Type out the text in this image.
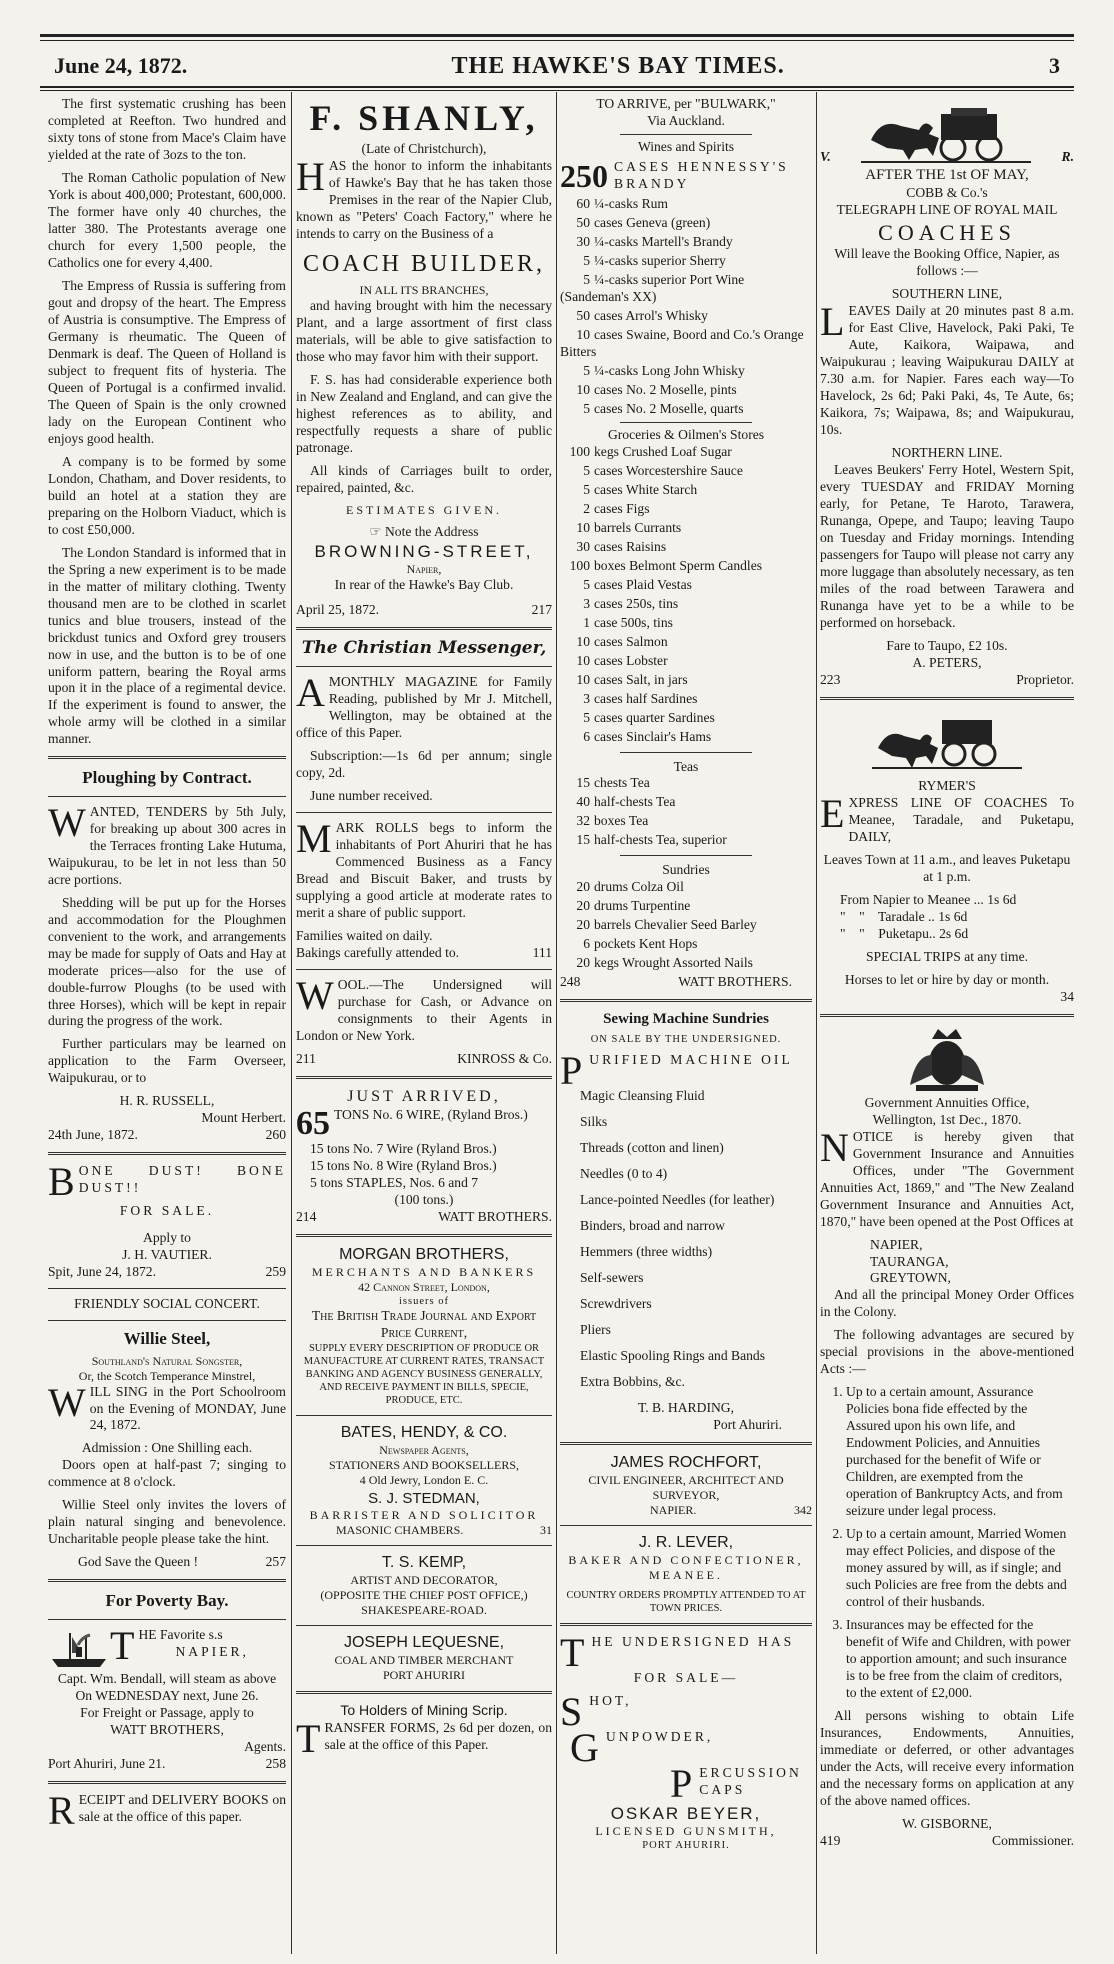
June 24, 1872.	THE HAWKE'S BAY TIMES.	3

The first systematic crushing has been completed at Reefton. Two hundred and sixty tons of stone from Mace's Claim have yielded at the rate of 3ozs to the ton.

The Roman Catholic population of New York is about 400,000; Protestant, 600,000. The former have only 40 churches, the latter 380. The Protestants average one church for every 1,500 people, the Catholics one for every 4,400.

The Empress of Russia is suffering from gout and dropsy of the heart. The Empress of Austria is consumptive. The Empress of Germany is rheumatic. The Queen of Denmark is deaf. The Queen of Holland is subject to frequent fits of hysteria. The Queen of Portugal is a confirmed invalid. The Queen of Spain is the only crowned lady on the European Continent who enjoys good health.

A company is to be formed by some London, Chatham, and Dover residents, to build an hotel at a station they are preparing on the Holborn Viaduct, which is to cost £50,000.

The London Standard is informed that in the Spring a new experiment is to be made in the matter of military clothing. Twenty thousand men are to be clothed in scarlet tunics and blue trousers, instead of the brickdust tunics and Oxford grey trousers now in use, and the button is to be of one uniform pattern, bearing the Royal arms upon it in the place of a regimental device. If the experiment is found to answer, the whole army will be clothed in a similar manner.

Ploughing by Contract.

WANTED, TENDERS by 5th July, for breaking up about 300 acres in the Terraces fronting Lake Hutuma, Waipukurau, to be let in not less than 50 acre portions.

Shedding will be put up for the Horses and accommodation for the Ploughmen convenient to the work, and arrangements may be made for supply of Oats and Hay at moderate prices—also for the use of double-furrow Ploughs (to be used with three Horses), which will be kept in repair during the progress of the work.

Further particulars may be learned on application to the Farm Overseer, Waipukurau, or to

H. R. RUSSELL,
Mount Herbert.
24th June, 1872.	260

BONE DUST! BONE DUST!!

FOR SALE.
Apply to
J. H. VAUTIER.
Spit, June 24, 1872.	259
FRIENDLY SOCIAL CONCERT.
Willie Steel,
Southland's Natural Songster,
Or, the Scotch Temperance Minstrel,

WILL SING in the Port Schoolroom on the Evening of MONDAY, June 24, 1872.

Admission : One Shilling each.

Doors open at half-past 7; singing to commence at 8 o'clock.

Willie Steel only invites the lovers of plain natural singing and benevolence. Uncharitable people please take the hint.

God Save the Queen !	257
For Poverty Bay.
THE Favorite s.s
NAPIER,
Capt. Wm. Bendall, will steam as above
On WEDNESDAY next, June 26.
For Freight or Passage, apply to
WATT BROTHERS,
Agents.
Port Ahuriri, June 21.	258

RECEIPT and DELIVERY BOOKS on sale at the office of this paper.

F. SHANLY,
(Late of Christchurch),

HAS the honor to inform the inhabitants of Hawke's Bay that he has taken those Premises in the rear of the Napier Club, known as "Peters' Coach Factory," where he intends to carry on the Business of a

COACH BUILDER,
IN ALL ITS BRANCHES,

and having brought with him the necessary Plant, and a large assortment of first class materials, will be able to give satisfaction to those who may favor him with their support.

F. S. has had considerable experience both in New Zealand and England, and can give the highest references as to ability, and respectfully requests a share of public patronage.

All kinds of Carriages built to order, repaired, painted, &c.

ESTIMATES GIVEN.
☞ Note the Address
BROWNING-STREET,
Napier,
In rear of the Hawke's Bay Club.
April 25, 1872.	217
The Christian Messenger,

AMONTHLY MAGAZINE for Family Reading, published by Mr J. Mitchell, Wellington, may be obtained at the office of this Paper.

Subscription:—1s 6d per annum; single copy, 2d.

June number received.

MARK ROLLS begs to inform the inhabitants of Port Ahuriri that he has Commenced Business as a Fancy Bread and Biscuit Baker, and trusts by supplying a good article at moderate rates to merit a share of public support.

Families waited on daily.
Bakings carefully attended to.	111

WOOL.—The Undersigned will purchase for Cash, or Advance on consignments to their Agents in London or New York.

211	KINROSS & Co.
JUST ARRIVED,
65 TONS No. 6 WIRE, (Ryland Bros.)
15 tons No. 7 Wire (Ryland Bros.)
15 tons No. 8 Wire (Ryland Bros.)
5 tons STAPLES, Nos. 6 and 7
(100 tons.)
214	WATT BROTHERS.
MORGAN BROTHERS,
MERCHANTS AND BANKERS
42 Cannon Street, London,
issuers of
The British Trade Journal and Export Price Current,
SUPPLY EVERY DESCRIPTION OF PRODUCE OR MANUFACTURE AT CURRENT RATES, TRANSACT BANKING AND AGENCY BUSINESS GENERALLY, AND RECEIVE PAYMENT IN BILLS, SPECIE, PRODUCE, ETC.
BATES, HENDY, & CO.
Newspaper Agents,
STATIONERS AND BOOKSELLERS,
4 Old Jewry, London E. C.
S. J. STEDMAN,
BARRISTER AND SOLICITOR
MASONIC CHAMBERS.	31
T. S. KEMP,
ARTIST AND DECORATOR,
(OPPOSITE THE CHIEF POST OFFICE,)
SHAKESPEARE-ROAD.
JOSEPH LEQUESNE,
COAL AND TIMBER MERCHANT
PORT AHURIRI
To Holders of Mining Scrip.

TRANSFER FORMS, 2s 6d per dozen, on sale at the office of this Paper.

TO ARRIVE, per "BULWARK,"
Via Auckland.
Wines and Spirits
250 CASES HENNESSY'S BRANDY
60 ¼-casks Rum
50 cases Geneva (green)
30 ¼-casks Martell's Brandy
5 ¼-casks superior Sherry
5 ¼-casks superior Port Wine (Sandeman's XX)
50 cases Arrol's Whisky
10 cases Swaine, Boord and Co.'s Orange Bitters
5 ¼-casks Long John Whisky
10 cases No. 2 Moselle, pints
5 cases No. 2 Moselle, quarts
Groceries & Oilmen's Stores
100 kegs Crushed Loaf Sugar
5 cases Worcestershire Sauce
5 cases White Starch
2 cases Figs
10 barrels Currants
30 cases Raisins
100 boxes Belmont Sperm Candles
5 cases Plaid Vestas
3 cases 250s, tins
1 case 500s, tins
10 cases Salmon
10 cases Lobster
10 cases Salt, in jars
3 cases half Sardines
5 cases quarter Sardines
6 cases Sinclair's Hams
Teas
15 chests Tea
40 half-chests Tea
32 boxes Tea
15 half-chests Tea, superior
Sundries
20 drums Colza Oil
20 drums Turpentine
20 barrels Chevalier Seed Barley
6 pockets Kent Hops
20 kegs Wrought Assorted Nails
248	WATT BROTHERS.
Sewing Machine Sundries
ON SALE BY THE UNDERSIGNED.
PURIFIED MACHINE OIL
Magic Cleansing Fluid
Silks
Threads (cotton and linen)
Needles (0 to 4)
Lance-pointed Needles (for leather)
Binders, broad and narrow
Hemmers (three widths)
Self-sewers
Screwdrivers
Pliers
Elastic Spooling Rings and Bands
Extra Bobbins, &c.
T. B. HARDING,
Port Ahuriri.
JAMES ROCHFORT,
CIVIL ENGINEER, ARCHITECT AND SURVEYOR,
NAPIER.	342
J. R. LEVER,
BAKER AND CONFECTIONER,
MEANEE.
COUNTRY ORDERS PROMPTLY ATTENDED TO AT TOWN PRICES.
THE UNDERSIGNED HAS
FOR SALE—
SHOT,
GUNPOWDER,
PERCUSSION CAPS
OSKAR BEYER,
LICENSED GUNSMITH,
PORT AHURIRI.
V.	R.
AFTER THE 1st OF MAY,
COBB & Co.'s
TELEGRAPH LINE OF ROYAL MAIL
COACHES
Will leave the Booking Office, Napier, as follows :—
SOUTHERN LINE,

LEAVES Daily at 20 minutes past 8 a.m. for East Clive, Havelock, Paki Paki, Te Aute, Kaikora, Waipawa, and Waipukurau ; leaving Waipukurau DAILY at 7.30 a.m. for Napier. Fares each way—To Havelock, 2s 6d; Paki Paki, 4s, Te Aute, 6s; Kaikora, 7s; Waipawa, 8s; and Waipukurau, 10s.

NORTHERN LINE.

Leaves Beukers' Ferry Hotel, Western Spit, every TUESDAY and FRIDAY Morning early, for Petane, Te Haroto, Tarawera, Runanga, Opepe, and Taupo; leaving Taupo on Tuesday and Friday mornings. Intending passengers for Taupo will please not carry any more luggage than absolutely necessary, as ten miles of the road between Tarawera and Runanga have yet to be a while to be performed on horseback.

Fare to Taupo, £2 10s.
A. PETERS,
223	Proprietor.
RYMER'S

EXPRESS LINE OF COACHES To Meanee, Taradale, and Puketapu, DAILY,

Leaves Town at 11 a.m., and leaves Puketapu at 1 p.m.
From Napier to Meanee ... 1s 6d
"    "    Taradale .. 1s 6d
"    "    Puketapu.. 2s 6d
SPECIAL TRIPS at any time.
Horses to let or hire by day or month.
34
Government Annuities Office,
Wellington, 1st Dec., 1870.

NOTICE is hereby given that Government Insurance and Annuities Offices, under "The Government Annuities Act, 1869," and "The New Zealand Government Insurance and Annuities Act, 1870," have been opened at the Post Offices at

NAPIER,
TAURANGA,
GREYTOWN,

And all the principal Money Order Offices in the Colony.

The following advantages are secured by special provisions in the above-mentioned Acts :—

1. Up to a certain amount, Assurance Policies bona fide effected by the Assured upon his own life, and Endowment Policies, and Annuities purchased for the benefit of Wife or Children, are exempted from the operation of Bankruptcy Acts, and from seizure under legal process.
2. Up to a certain amount, Married Women may effect Policies, and dispose of the money assured by will, as if single; and such Policies are free from the debts and control of their husbands.
3. Insurances may be effected for the benefit of Wife and Children, with power to apportion amount; and such insurance is to be free from the claim of creditors, to the extent of £2,000.

All persons wishing to obtain Life Insurances, Endowments, Annuities, immediate or deferred, or other advantages under the Acts, will receive every information and the necessary forms on application at any of the above named offices.

W. GISBORNE,
419	Commissioner.
